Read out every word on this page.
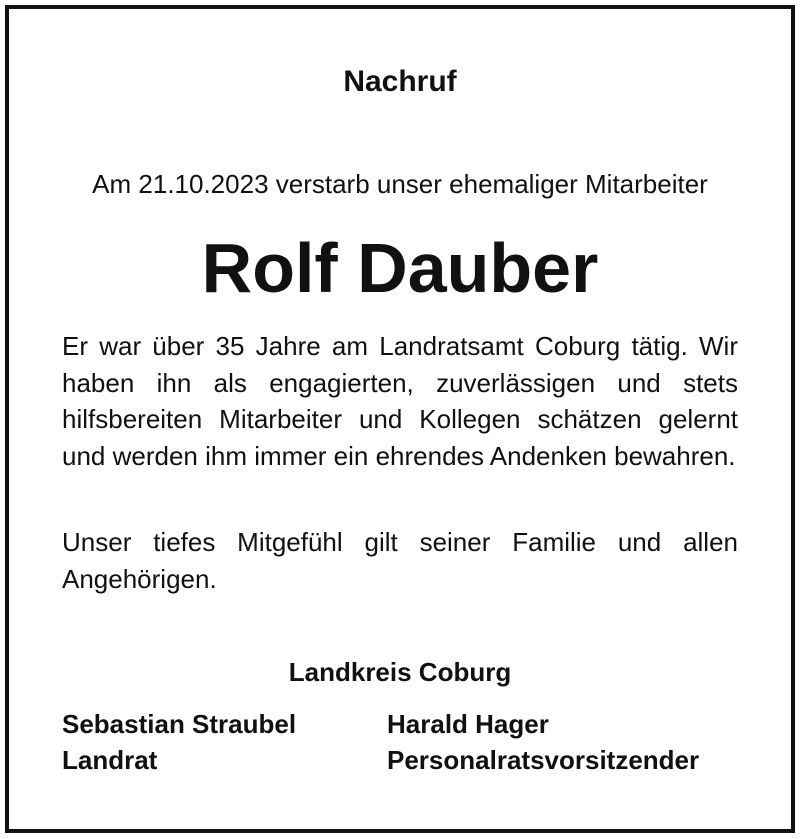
Nachruf
Am 21.10.2023 verstarb unser ehemaliger Mitarbeiter
Rolf Dauber
Er war über 35 Jahre am Landratsamt Coburg tätig. Wir haben ihn als engagierten, zuverlässigen und stets hilfsbereiten Mitarbeiter und Kollegen schätzen gelernt und werden ihm immer ein ehrendes Andenken bewahren.
Unser tiefes Mitgefühl gilt seiner Familie und allen Angehörigen.
Landkreis Coburg
Sebastian Straubel
Landrat
Harald Hager
Personalratsvorsitzender
